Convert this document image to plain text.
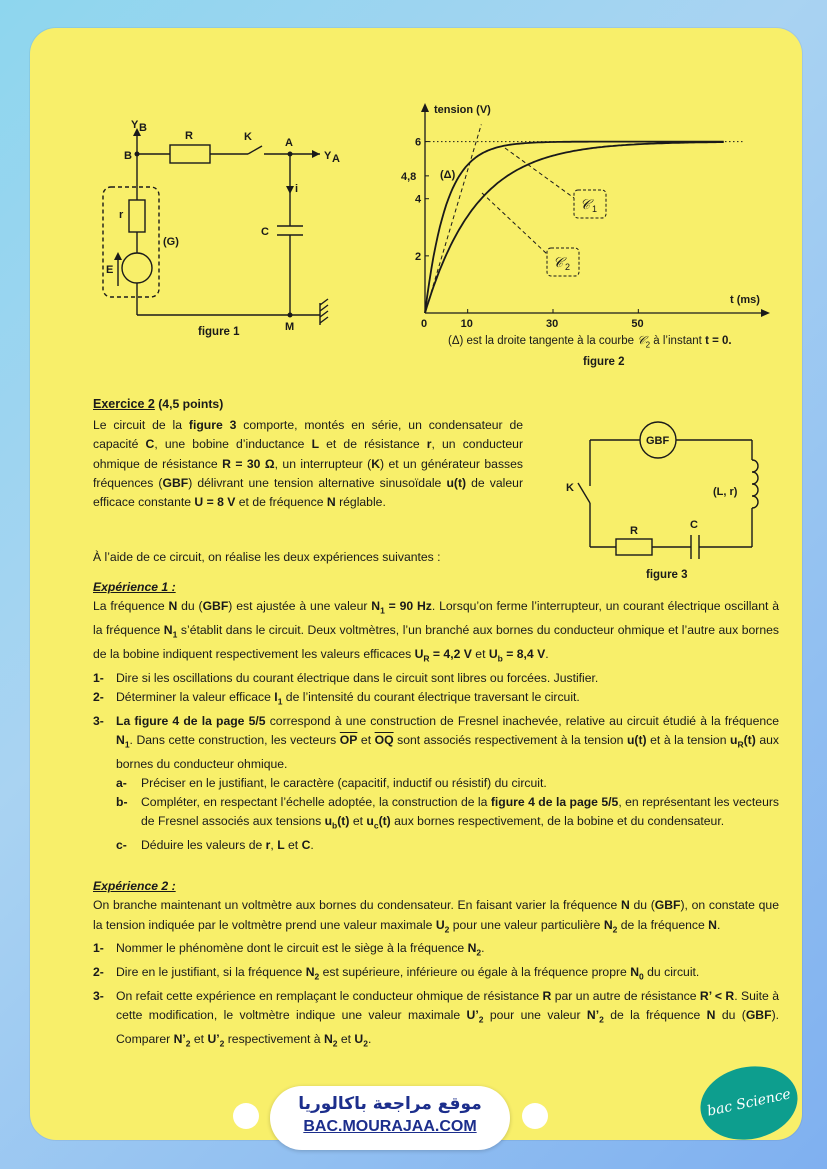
Y B
B
R	K	A
Y A
i
C
r
(G)
E
M
figure 1
0	10	30	50
2
4
4,8
6
tension (V)
t (ms)
(Δ)
𝒞 1
𝒞 2
(Δ) est la droite tangente à la courbe 𝒞$_2$ à l’instant t = 0.
figure 2
GBF
K	(L, r)
R	C
figure 3
Exercice 2 (4,5 points)
Le circuit de la figure 3 comporte, montés en série, un condensateur de capacité C, une bobine d’inductance L et de résistance r, un conducteur ohmique de résistance R = 30 Ω, un interrupteur (K) et un générateur basses fréquences (GBF) délivrant une tension alternative sinusoïdale u(t) de valeur efficace constante U = 8 V et de fréquence N réglable.
À l’aide de ce circuit, on réalise les deux expériences suivantes :
Expérience 1 :
La fréquence N du (GBF) est ajustée à une valeur $N_1 = 90$ Hz. Lorsqu’on ferme l’interrupteur, un courant électrique oscillant à la fréquence $N_1$ s’établit dans le circuit. Deux voltmètres, l’un branché aux bornes du conducteur ohmique et l’autre aux bornes de la bobine indiquent respectivement les valeurs efficaces $U_R = 4,2$ V et $U_b = 8,4$ V.
1- Dire si les oscillations du courant électrique dans le circuit sont libres ou forcées. Justifier.
2- Déterminer la valeur efficace $I_1$ de l’intensité du courant électrique traversant le circuit.
3- La figure 4 de la page 5/5 correspond à une construction de Fresnel inachevée, relative au circuit étudié à la fréquence $N_1$. Dans cette construction, les vecteurs $\overline{OP}$ et $\overline{OQ}$ sont associés respectivement à la tension u(t) et à la tension $u_R(t)$ aux bornes du conducteur ohmique.
a- Préciser en le justifiant, le caractère (capacitif, inductif ou résistif) du circuit.
b- Compléter, en respectant l’échelle adoptée, la construction de la figure 4 de la page 5/5, en représentant les vecteurs de Fresnel associés aux tensions $u_b(t)$ et $u_c(t)$ aux bornes respectivement, de la bobine et du condensateur.
c- Déduire les valeurs de r, L et C.
Expérience 2 :
On branche maintenant un voltmètre aux bornes du condensateur. En faisant varier la fréquence N du (GBF), on constate que la tension indiquée par le voltmètre prend une valeur maximale $U_2$ pour une valeur particulière $N_2$ de la fréquence N.
1- Nommer le phénomène dont le circuit est le siège à la fréquence $N_2$.
2- Dire en le justifiant, si la fréquence $N_2$ est supérieure, inférieure ou égale à la fréquence propre $N_0$ du circuit.
3- On refait cette expérience en remplaçant le conducteur ohmique de résistance R par un autre de résistance R’ < R. Suite à cette modification, le voltmètre indique une valeur maximale $U’_2$ pour une valeur $N’_2$ de la fréquence N du (GBF). Comparer $N’_2$ et $U’_2$ respectivement à $N_2$ et $U_2$.
موقع مراجعة باكالوريا
BAC.MOURAJAA.COM
bac Science
